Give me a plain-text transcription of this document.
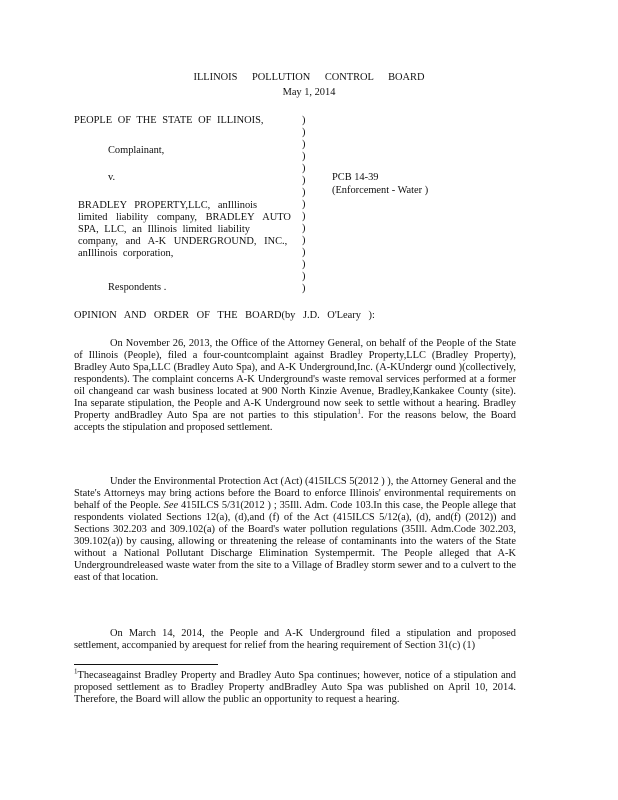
ILLINOIS POLLUTION CONTROL BOARD
May 1, 2014
PEOPLE OF THE STATE OF ILLINOIS,
Complainant,
v.	PCB 14-39
(Enforcement - Water )
BRADLEY PROPERTY,LLC, anIllinois
limited liability company, BRADLEY AUTO
SPA, LLC, an Illinois limited liability
company, and A-K UNDERGROUND, INC.,
anIllinois corporation,
Respondents .
)
)
)
)
)
)
)
)
)
)
)
)
)
)
)
OPINION AND ORDER OF THE BOARD(by J.D. O'Leary ):
On November 26, 2013, the Office of the Attorney General, on behalf of the People of the State of Illinois (People), filed a four-countcomplaint against Bradley Property,LLC (Bradley Property), Bradley Auto Spa,LLC (Bradley Auto Spa), and A-K Underground,Inc. (A-KUndergr ound )(collectively, respondents). The complaint concerns A-K Underground's waste removal services performed at a former oil changeand car wash business located at 900 North Kinzie Avenue, Bradley,Kankakee County (site). Ina separate stipulation, the People and A-K Underground now seek to settle without a hearing. Bradley Property andBradley Auto Spa are not parties to this stipulation$^1$. For the reasons below, the Board accepts the stipulation and proposed settlement.
Under the Environmental Protection Act (Act) (415ILCS 5(2012 ) ), the Attorney General and the State's Attorneys may bring actions before the Board to enforce Illinois' environmental requirements on behalf of the People. See 415ILCS 5/31(2012 ) ; 35Ill. Adm. Code 103.In this case, the People allege that respondents violated Sections 12(a), (d),and (f) of the Act (415ILCS 5/12(a), (d), and(f) (2012)) and Sections 302.203 and 309.102(a) of the Board's water pollution regulations (35Ill. Adm.Code 302.203, 309.102(a)) by causing, allowing or threatening the release of contaminants into the waters of the State without a National Pollutant Discharge Elimination Systempermit. The People alleged that A-K Undergroundreleased waste water from the site to a Village of Bradley storm sewer and to a culvert to the east of that location.
On March 14, 2014, the People and A-K Underground filed a stipulation and proposed settlement, accompanied by arequest for relief from the hearing requirement of Section 31(c) (1)
$^1$Thecaseagainst Bradley Property and Bradley Auto Spa continues; however, notice of a stipulation and proposed settlement as to Bradley Property andBradley Auto Spa was published on April 10, 2014. Therefore, the Board will allow the public an opportunity to request a hearing.
